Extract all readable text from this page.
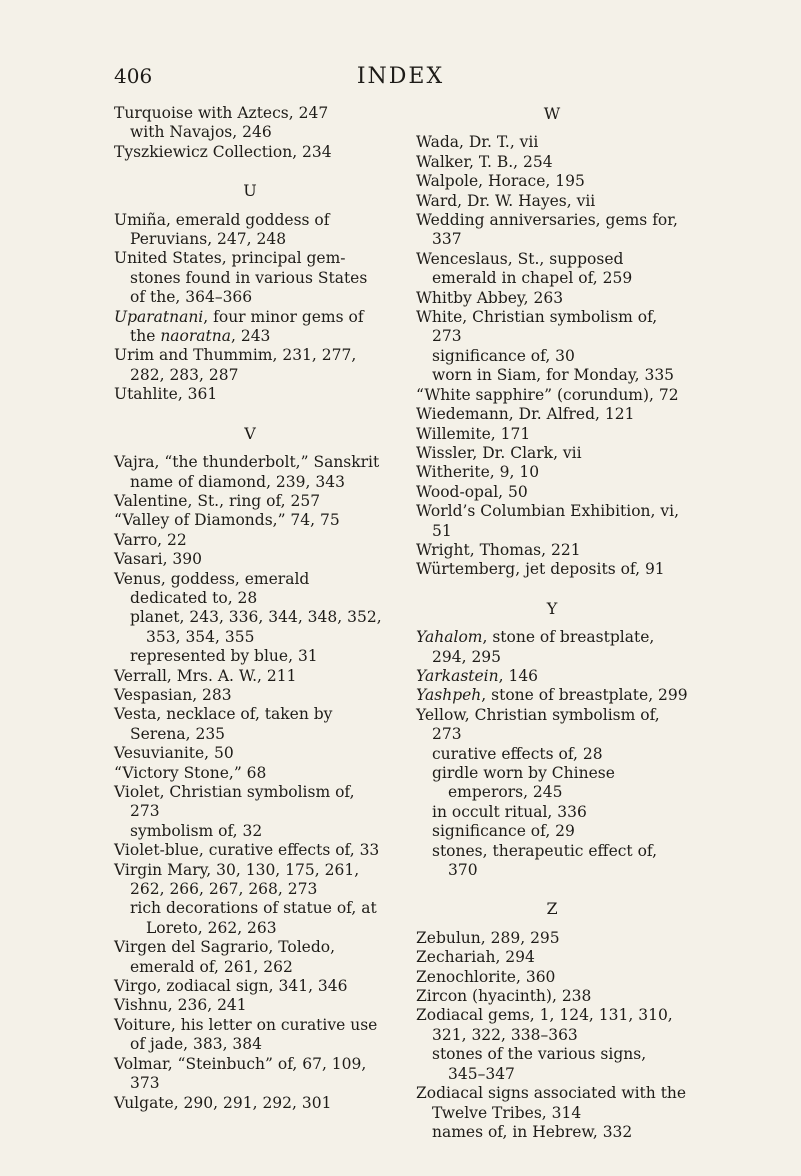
406	INDEX
Turquoise with Aztecs, 247
with Navajos, 246
Tyszkiewicz Collection, 234
U
Umiña, emerald goddess of Peruvians, 247, 248
United States, principal gem-stones found in various States of the, 364–366
Uparatnani, four minor gems of the naoratna, 243
Urim and Thummim, 231, 277, 282, 283, 287
Utahlite, 361
V
Vajra, “the thunderbolt,” Sanskrit name of diamond, 239, 343
Valentine, St., ring of, 257
“Valley of Diamonds,” 74, 75
Varro, 22
Vasari, 390
Venus, goddess, emerald dedicated to, 28
planet, 243, 336, 344, 348, 352, 353, 354, 355
represented by blue, 31
Verrall, Mrs. A. W., 211
Vespasian, 283
Vesta, necklace of, taken by Serena, 235
Vesuvianite, 50
“Victory Stone,” 68
Violet, Christian symbolism of, 273
symbolism of, 32
Violet-blue, curative effects of, 33
Virgin Mary, 30, 130, 175, 261, 262, 266, 267, 268, 273
rich decorations of statue of, at Loreto, 262, 263
Virgen del Sagrario, Toledo, emerald of, 261, 262
Virgo, zodiacal sign, 341, 346
Vishnu, 236, 241
Voiture, his letter on curative use of jade, 383, 384
Volmar, “Steinbuch” of, 67, 109, 373
Vulgate, 290, 291, 292, 301
W
Wada, Dr. T., vii
Walker, T. B., 254
Walpole, Horace, 195
Ward, Dr. W. Hayes, vii
Wedding anniversaries, gems for, 337
Wenceslaus, St., supposed emerald in chapel of, 259
Whitby Abbey, 263
White, Christian symbolism of, 273
significance of, 30
worn in Siam, for Monday, 335
“White sapphire” (corundum), 72
Wiedemann, Dr. Alfred, 121
Willemite, 171
Wissler, Dr. Clark, vii
Witherite, 9, 10
Wood-opal, 50
World’s Columbian Exhibition, vi, 51
Wright, Thomas, 221
Würtemberg, jet deposits of, 91
Y
Yahalom, stone of breastplate, 294, 295
Yarkastein, 146
Yashpeh, stone of breastplate, 299
Yellow, Christian symbolism of, 273
curative effects of, 28
girdle worn by Chinese emperors, 245
in occult ritual, 336
significance of, 29
stones, therapeutic effect of, 370
Z
Zebulun, 289, 295
Zechariah, 294
Zenochlorite, 360
Zircon (hyacinth), 238
Zodiacal gems, 1, 124, 131, 310, 321, 322, 338–363
stones of the various signs, 345–347
Zodiacal signs associated with the Twelve Tribes, 314
names of, in Hebrew, 332
